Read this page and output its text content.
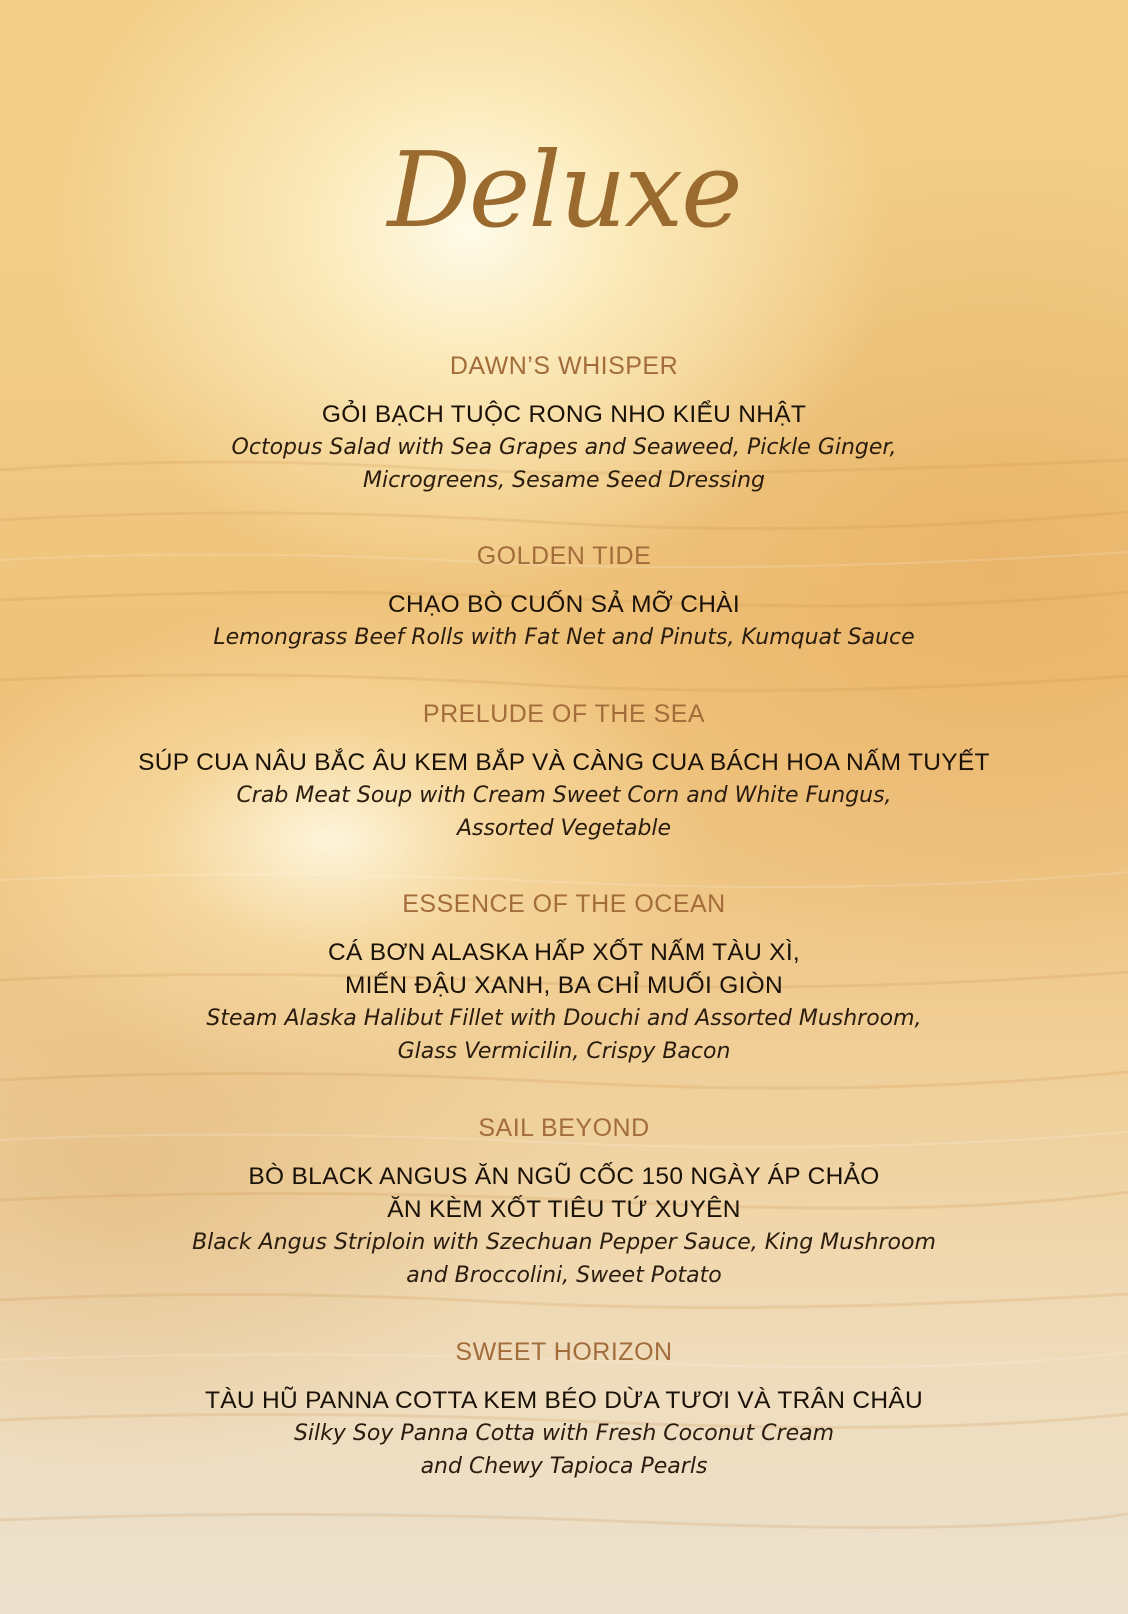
Deluxe
DAWN’S WHISPER
GỎI BẠCH TUỘC RONG NHO KIỂU NHẬT
Octopus Salad with Sea Grapes and Seaweed, Pickle Ginger,
Microgreens, Sesame Seed Dressing
GOLDEN TIDE
CHẠO BÒ CUỐN SẢ MỠ CHÀI
Lemongrass Beef Rolls with Fat Net and Pinuts, Kumquat Sauce
PRELUDE OF THE SEA
SÚP CUA NÂU BẮC ÂU KEM BẮP VÀ CÀNG CUA BÁCH HOA NẤM TUYẾT
Crab Meat Soup with Cream Sweet Corn and White Fungus,
Assorted Vegetable
ESSENCE OF THE OCEAN
CÁ BƠN ALASKA HẤP XỐT NẤM TÀU XÌ,
MIẾN ĐẬU XANH, BA CHỈ MUỐI GIÒN
Steam Alaska Halibut Fillet with Douchi and Assorted Mushroom,
Glass Vermicilin, Crispy Bacon
SAIL BEYOND
BÒ BLACK ANGUS ĂN NGŨ CỐC 150 NGÀY ÁP CHẢO
ĂN KÈM XỐT TIÊU TỨ XUYÊN
Black Angus Striploin with Szechuan Pepper Sauce, King Mushroom
and Broccolini, Sweet Potato
SWEET HORIZON
TÀU HŨ PANNA COTTA KEM BÉO DỪA TƯƠI VÀ TRÂN CHÂU
Silky Soy Panna Cotta with Fresh Coconut Cream
and Chewy Tapioca Pearls
